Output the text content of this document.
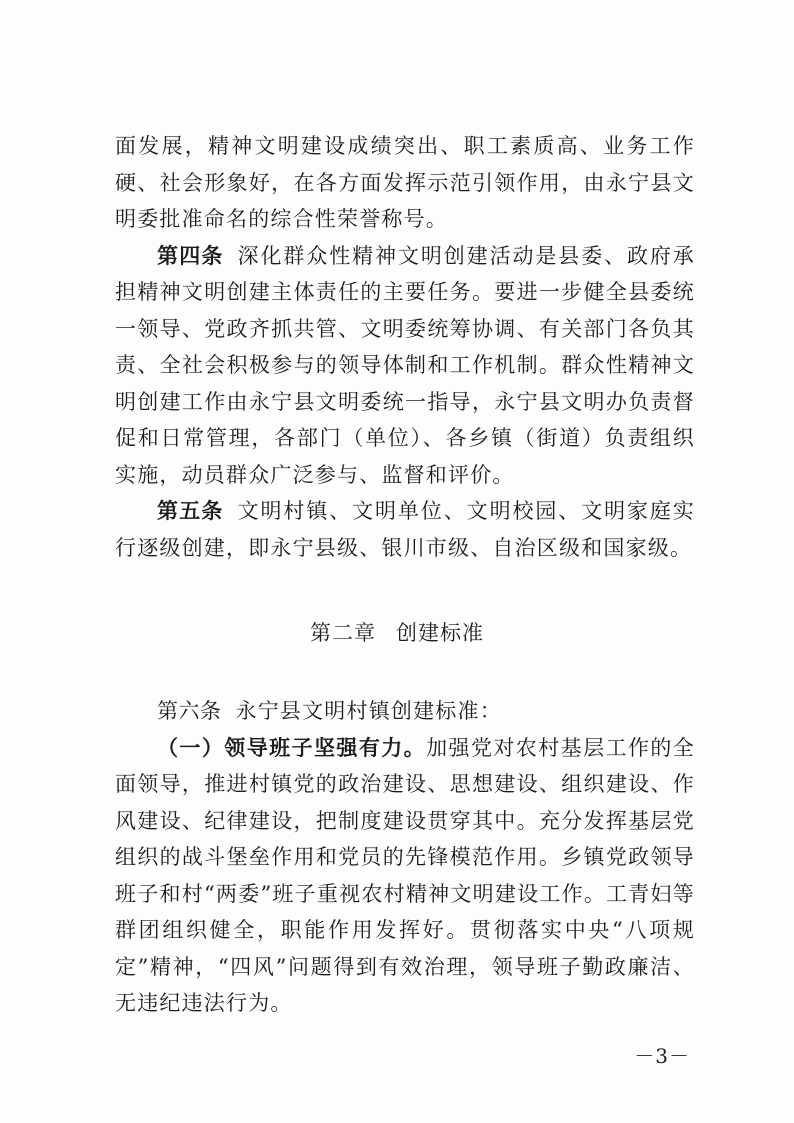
面发展，精神文明建设成绩突出、职工素质高、业务工作硬、社会形象好，在各方面发挥示范引领作用，由永宁县文明委批准命名的综合性荣誉称号。

第四条 深化群众性精神文明创建活动是县委、政府承担精神文明创建主体责任的主要任务。要进一步健全县委统一领导、党政齐抓共管、文明委统筹协调、有关部门各负其责、全社会积极参与的领导体制和工作机制。群众性精神文明创建工作由永宁县文明委统一指导，永宁县文明办负责督促和日常管理，各部门（单位）、各乡镇（街道）负责组织实施，动员群众广泛参与、监督和评价。

第五条 文明村镇、文明单位、文明校园、文明家庭实行逐级创建，即永宁县级、银川市级、自治区级和国家级。

第二章 创建标准

第六条 永宁县文明村镇创建标准：

（一）领导班子坚强有力。加强党对农村基层工作的全面领导，推进村镇党的政治建设、思想建设、组织建设、作风建设、纪律建设，把制度建设贯穿其中。充分发挥基层党组织的战斗堡垒作用和党员的先锋模范作用。乡镇党政领导班子和村“两委”班子重视农村精神文明建设工作。工青妇等群团组织健全，职能作用发挥好。贯彻落实中央“八项规定”精神，“四风”问题得到有效治理，领导班子勤政廉洁、无违纪违法行为。

－3－
